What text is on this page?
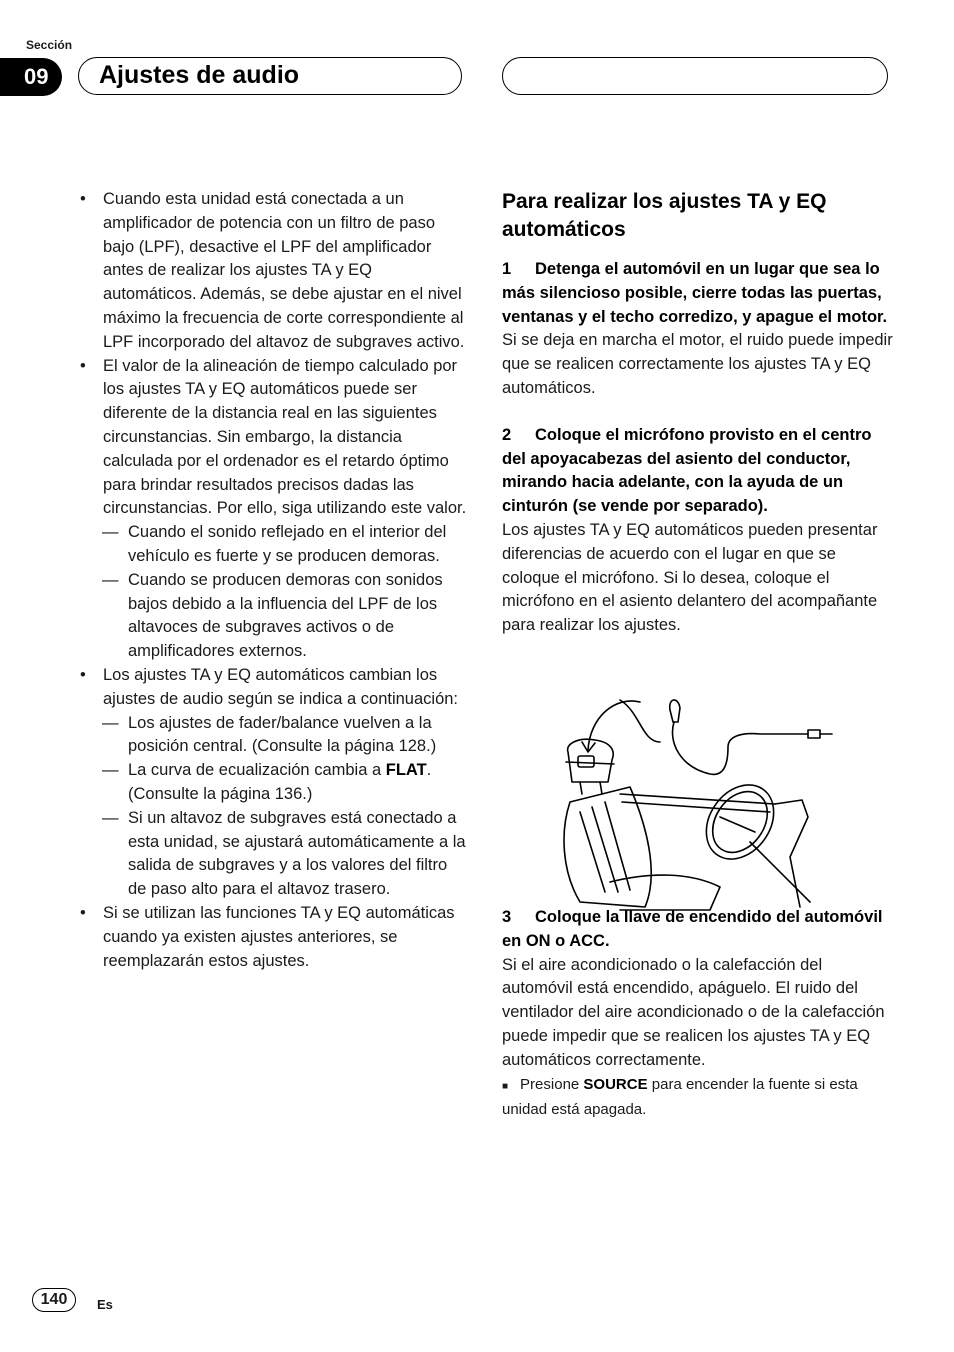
Sección
09	Ajustes de audio

• Cuando esta unidad está conectada a un amplificador de potencia con un filtro de paso bajo (LPF), desactive el LPF del amplificador antes de realizar los ajustes TA y EQ automáticos. Además, se debe ajustar en el nivel máximo la frecuencia de corte correspondiente al LPF incorporado del altavoz de subgraves activo.

• El valor de la alineación de tiempo calculado por los ajustes TA y EQ automáticos puede ser diferente de la distancia real en las siguientes circunstancias. Sin embargo, la distancia calculada por el ordenador es el retardo óptimo para brindar resultados precisos dadas las circunstancias. Por ello, siga utilizando este valor.

— Cuando el sonido reflejado en el interior del vehículo es fuerte y se producen demoras.

— Cuando se producen demoras con sonidos bajos debido a la influencia del LPF de los altavoces de subgraves activos o de amplificadores externos.

• Los ajustes TA y EQ automáticos cambian los ajustes de audio según se indica a continuación:

— Los ajustes de fader/balance vuelven a la posición central. (Consulte la página 128.)

— La curva de ecualización cambia a FLAT. (Consulte la página 136.)

— Si un altavoz de subgraves está conectado a esta unidad, se ajustará automáticamente a la salida de subgraves y a los valores del filtro de paso alto para el altavoz trasero.

• Si se utilizan las funciones TA y EQ automáticas cuando ya existen ajustes anteriores, se reemplazarán estos ajustes.

Para realizar los ajustes TA y EQ automáticos

1 Detenga el automóvil en un lugar que sea lo más silencioso posible, cierre todas las puertas, ventanas y el techo corredizo, y apague el motor.

Si se deja en marcha el motor, el ruido puede impedir que se realicen correctamente los ajustes TA y EQ automáticos.

2 Coloque el micrófono provisto en el centro del apoyacabezas del asiento del conductor, mirando hacia adelante, con la ayuda de un cinturón (se vende por separado).

Los ajustes TA y EQ automáticos pueden presentar diferencias de acuerdo con el lugar en que se coloque el micrófono. Si lo desea, coloque el micrófono en el asiento delantero del acompañante para realizar los ajustes.

3 Coloque la llave de encendido del automóvil en ON o ACC.

Si el aire acondicionado o la calefacción del automóvil está encendido, apáguelo. El ruido del ventilador del aire acondicionado o de la calefacción puede impedir que se realicen los ajustes TA y EQ automáticos correctamente.

■ Presione SOURCE para encender la fuente si esta unidad está apagada.

140	Es
